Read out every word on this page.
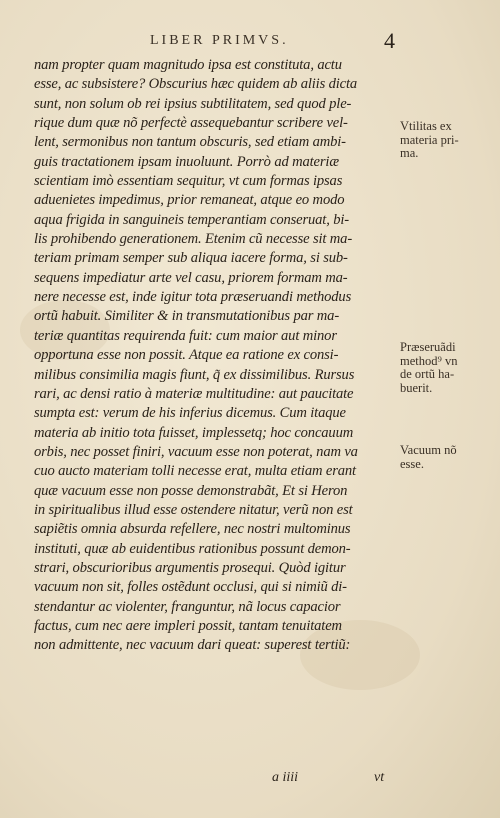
LIBER PRIMVS.	4
nam propter quam magnitudo ipsa est constituta, actu
esse, ac subsistere? Obscurius hæc quidem ab aliis dicta
sunt, non solum ob rei ipsius subtilitatem, sed quod ple-
rique dum quæ nõ perfectè assequebantur scribere vel-
lent, sermonibus non tantum obscuris, sed etiam ambi-
guis tractationem ipsam inuoluunt. Porrò ad materiæ
scientiam imò essentiam sequitur, vt cum formas ipsas
aduenietes impedimus, prior remaneat, atque eo modo
aqua frigida in sanguineis temperantiam conseruat, bi-
lis prohibendo generationem. Etenim cũ necesse sit ma-
teriam primam semper sub aliqua iacere forma, si sub-
sequens impediatur arte vel casu, priorem formam ma-
nere necesse est, inde igitur tota præseruandi methodus
ortũ habuit. Similiter & in transmutationibus par ma-
teriæ quantitas requirenda fuit: cum maior aut minor
opportuna esse non possit. Atque ea ratione ex consi-
milibus consimilia magis fiunt, q̃ ex dissimilibus. Rursus
rari, ac densi ratio à materiæ multitudine: aut paucitate
sumpta est: verum de his inferius dicemus. Cum itaque
materia ab initio tota fuisset, implessetq; hoc concauum
orbis, nec posset finiri, vacuum esse non poterat, nam va
cuo aucto materiam tolli necesse erat, multa etiam erant
quæ vacuum esse non posse demonstrabãt, Et si Heron
in spiritualibus illud esse ostendere nitatur, verũ non est
sapiẽtis omnia absurda refellere, nec nostri multominus
instituti, quæ ab euidentibus rationibus possunt demon-
strari, obscurioribus argumentis prosequi. Quòd igitur
vacuum non sit, folles ostẽdunt occlusi, qui si nimiũ di-
stendantur ac violenter, franguntur, nã locus capacior
factus, cum nec aere impleri possit, tantam tenuitatem
non admittente, nec vacuum dari queat: superest tertiũ:
Vtilitas ex
materia pri-
ma.
Præseruãdi
method⁹ vn
de ortũ ha-
buerit.
Vacuum nõ
esse.
a iiii	vt
